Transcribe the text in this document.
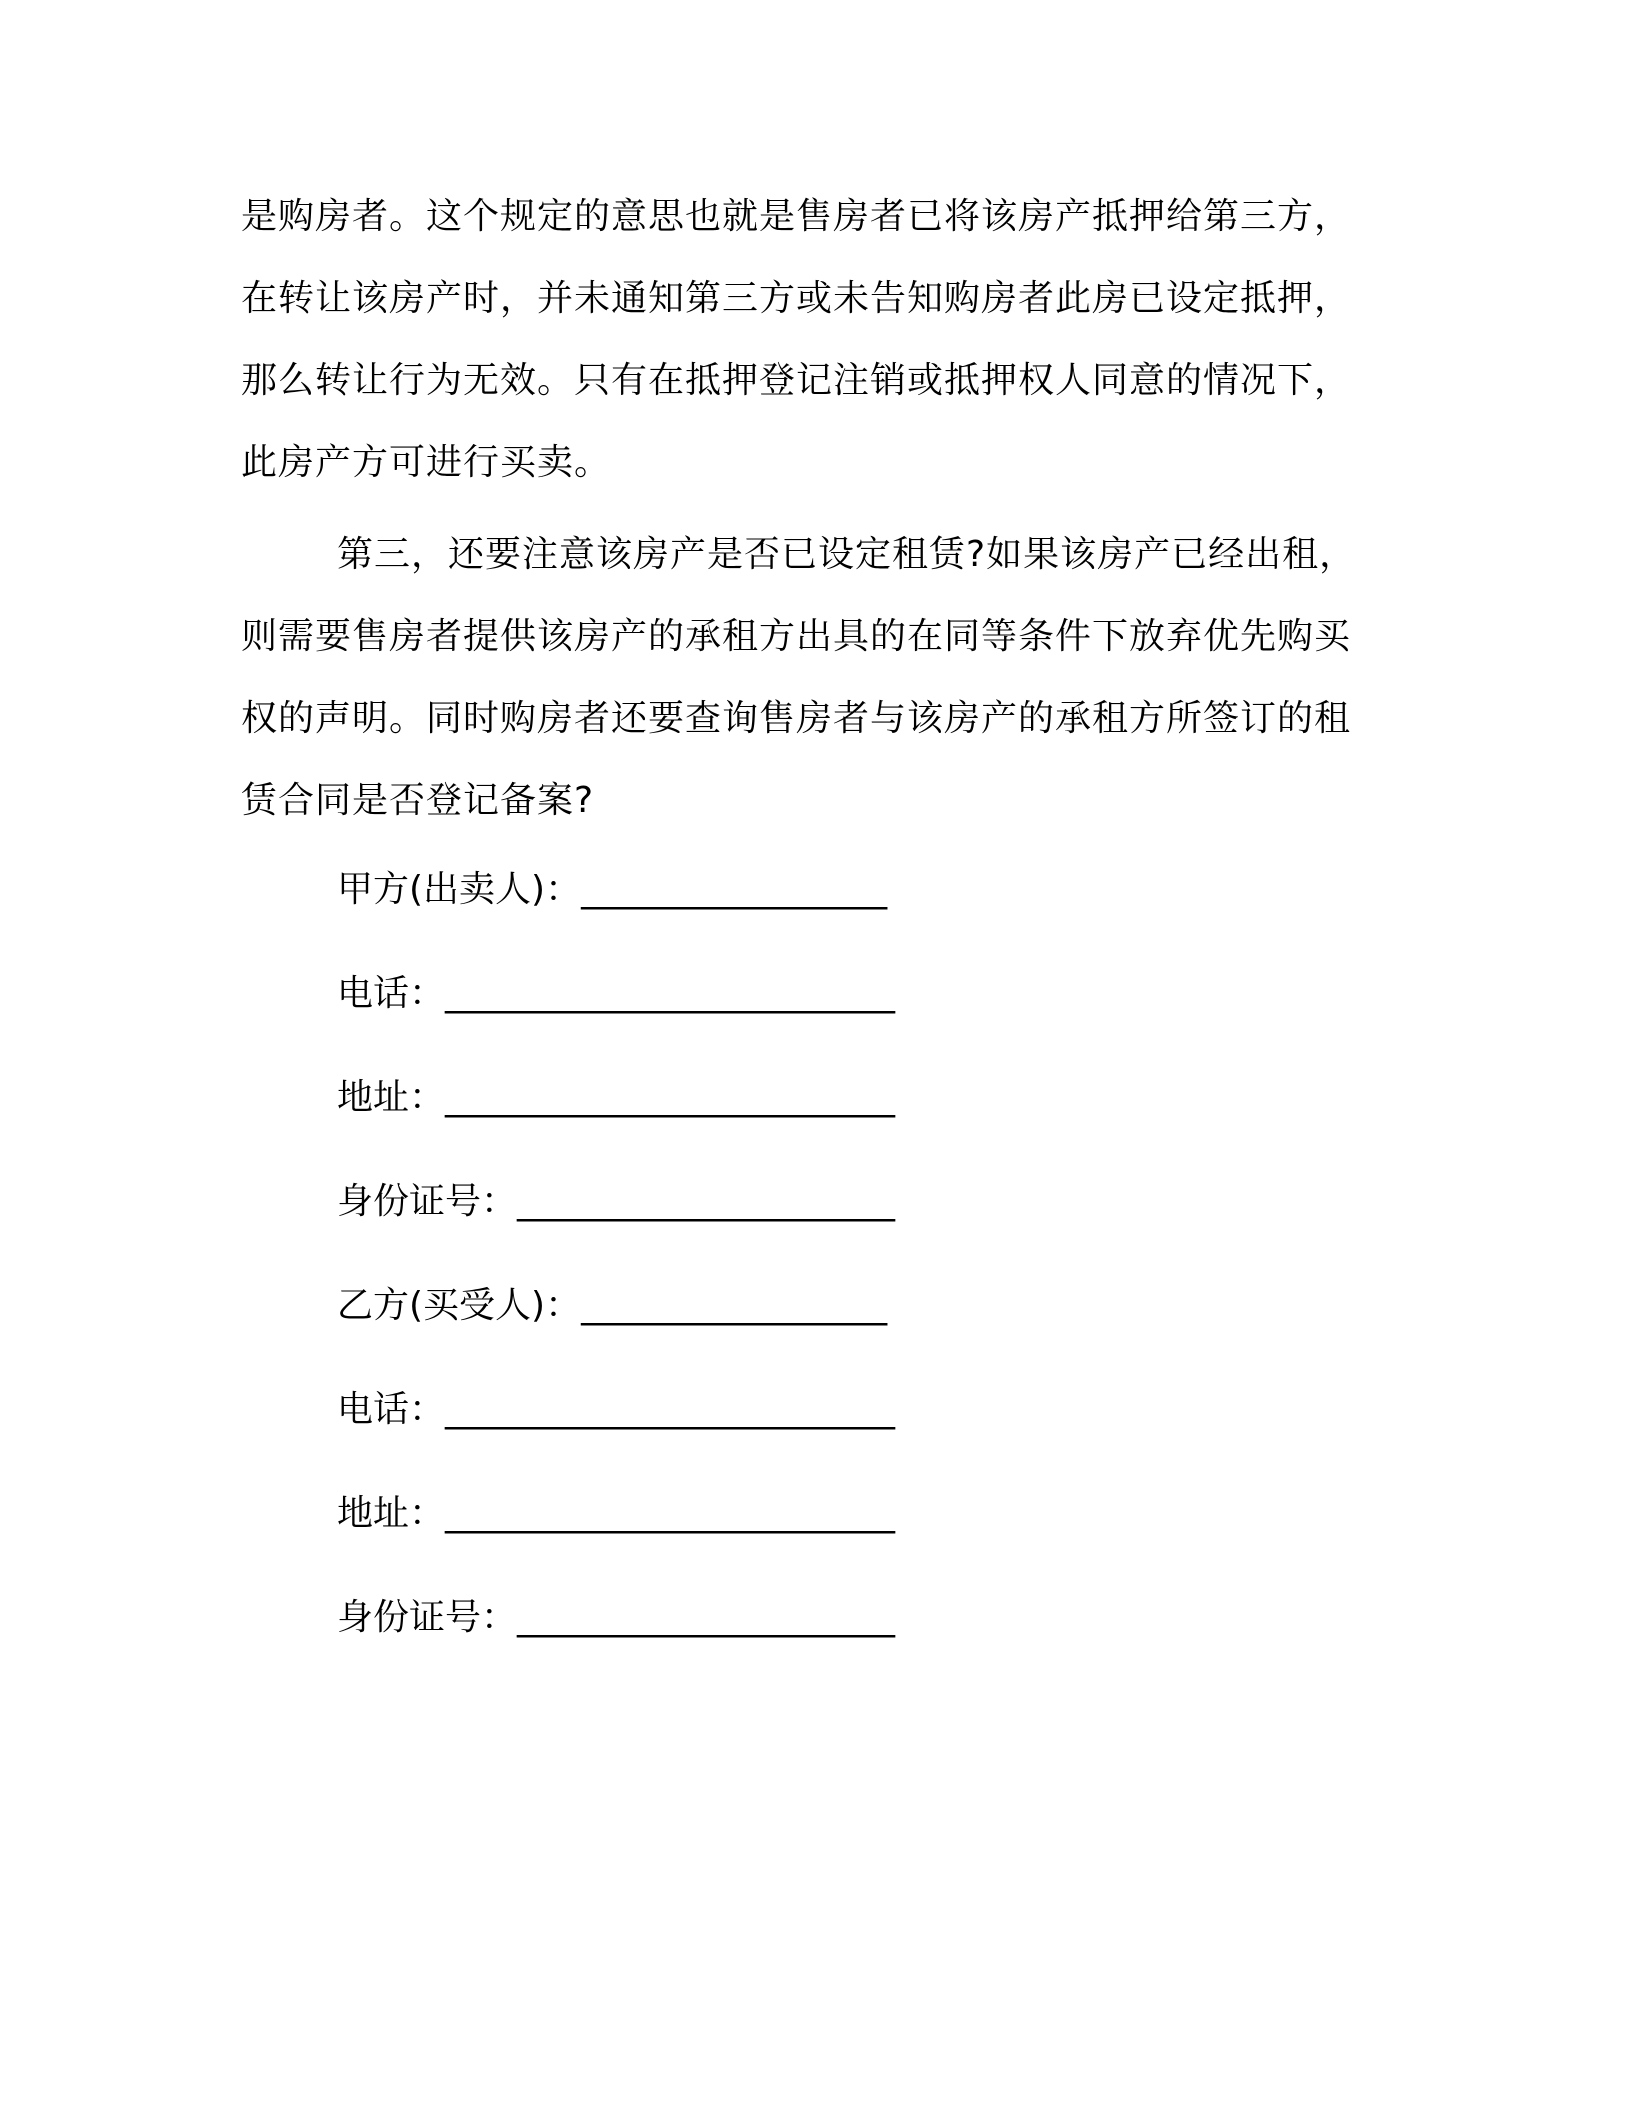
是购房者。这个规定的意思也就是售房者已将该房产抵押给第三方，
在转让该房产时，并未通知第三方或未告知购房者此房已设定抵押，
那么转让行为无效。只有在抵押登记注销或抵押权人同意的情况下，
此房产方可进行买卖。

第三，还要注意该房产是否已设定租赁?如果该房产已经出租，
则需要售房者提供该房产的承租方出具的在同等条件下放弃优先购买
权的声明。同时购房者还要查询售房者与该房产的承租方所签订的租
赁合同是否登记备案?

甲方(出卖人)：_________________
电话：_________________________
地址：_________________________
身份证号：_____________________
乙方(买受人)：_________________
电话：_________________________
地址：_________________________
身份证号：_____________________
